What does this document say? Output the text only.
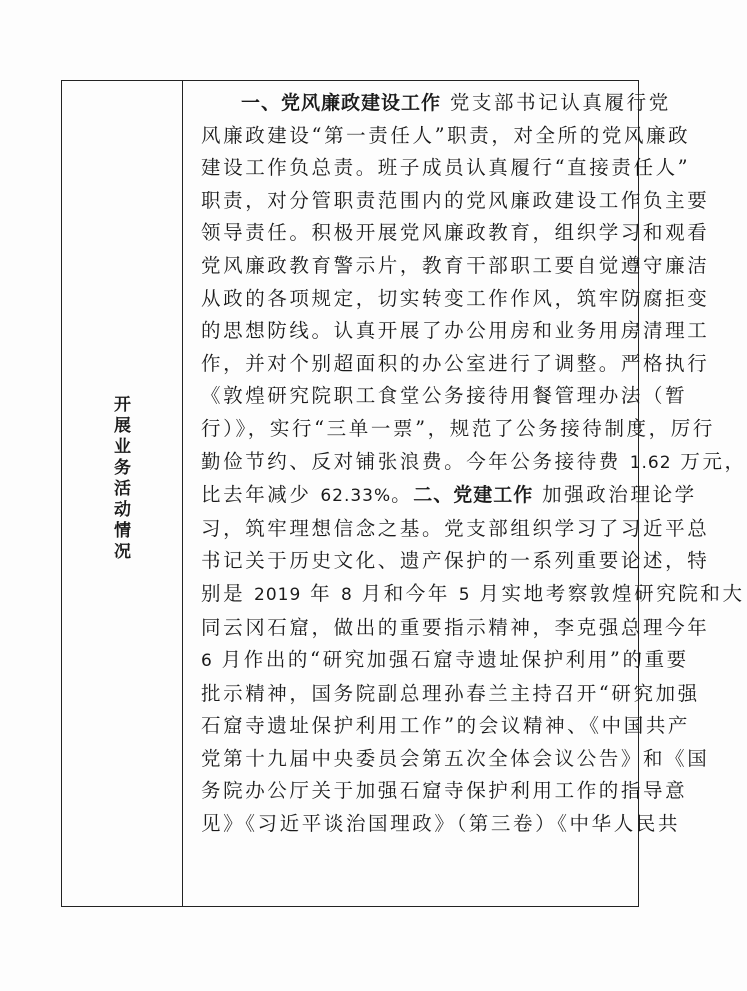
开展业务活动情况
一、党风廉政建设工作 党支部书记认真履行党
风廉政建设“第一责任人”职责，对全所的党风廉政
建设工作负总责。班子成员认真履行“直接责任人”
职责，对分管职责范围内的党风廉政建设工作负主要
领导责任。积极开展党风廉政教育，组织学习和观看
党风廉政教育警示片，教育干部职工要自觉遵守廉洁
从政的各项规定，切实转变工作作风，筑牢防腐拒变
的思想防线。认真开展了办公用房和业务用房清理工
作，并对个别超面积的办公室进行了调整。严格执行
《敦煌研究院职工食堂公务接待用餐管理办法（暂
行）》，实行“三单一票”，规范了公务接待制度，厉行
勤俭节约、反对铺张浪费。今年公务接待费 1.62 万元，
比去年减少 62.33%。二、党建工作 加强政治理论学
习，筑牢理想信念之基。党支部组织学习了习近平总
书记关于历史文化、遗产保护的一系列重要论述，特
别是 2019 年 8 月和今年 5 月实地考察敦煌研究院和大
同云冈石窟，做出的重要指示精神，李克强总理今年
6 月作出的“研究加强石窟寺遗址保护利用”的重要
批示精神，国务院副总理孙春兰主持召开“研究加强
石窟寺遗址保护利用工作”的会议精神、《中国共产
党第十九届中央委员会第五次全体会议公告》和《国
务院办公厅关于加强石窟寺保护利用工作的指导意
见》《习近平谈治国理政》（第三卷）《中华人民共
